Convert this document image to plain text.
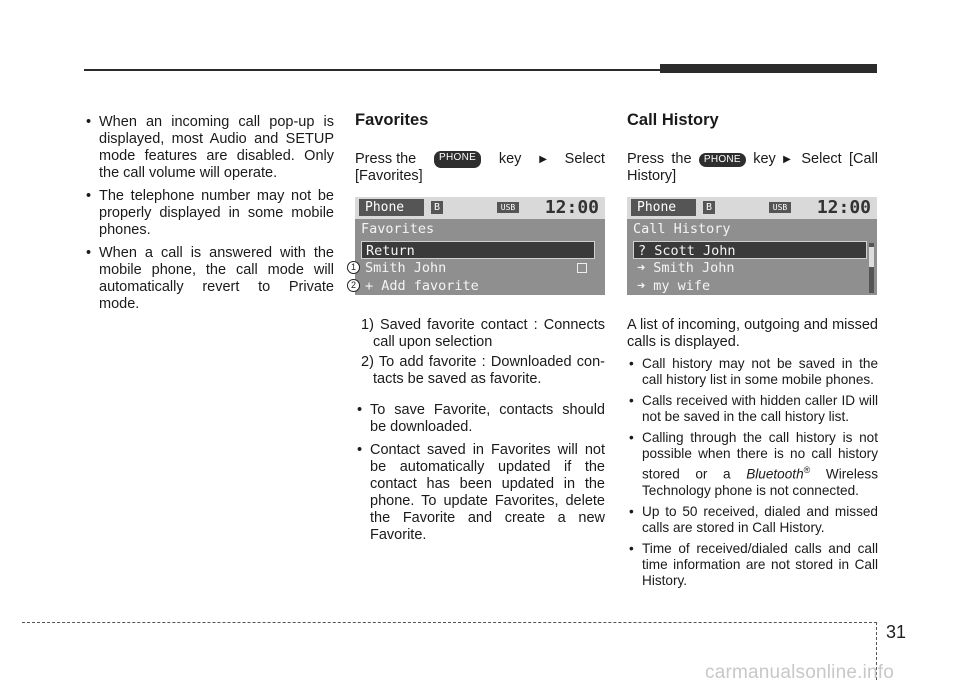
• When an incoming call pop-up is displayed, most Audio and SETUP mode features are disabled. Only the call volume will operate.
• The telephone number may not be properly displayed in some mobile phones.
• When a call is answered with the mobile phone, the call mode will automatically revert to Private mode.
Favorites
Press the	PHONE	key ▶ Select
[Favorites]
Phone	B	USB 12:00
Favorites
Return
Smith John
+ Add favorite
1
2
1) Saved favorite contact : Connects call upon selection
2) To add favorite : Downloaded con- tacts be saved as favorite.
• To save Favorite, contacts should be downloaded.
• Contact saved in Favorites will not be automatically updated if the contact has been updated in the phone. To update Favorites, delete the Favorite and create a new Favorite.
Call History
Press the PHONE key ▶ Select [Call History]
Phone	B	USB 12:00
Call History
? Scott John
➜ Smith John
➜ my wife
A list of incoming, outgoing and missed calls is displayed.
• Call history may not be saved in the call history list in some mobile phones.
• Calls received with hidden caller ID will not be saved in the call history list.
• Calling through the call history is not possible when there is no call history stored or a Bluetooth® Wireless Technology phone is not connected.
• Up to 50 received, dialed and missed calls are stored in Call History.
• Time of received/dialed calls and call time information are not stored in Call History.
31
carmanualsonline.info
